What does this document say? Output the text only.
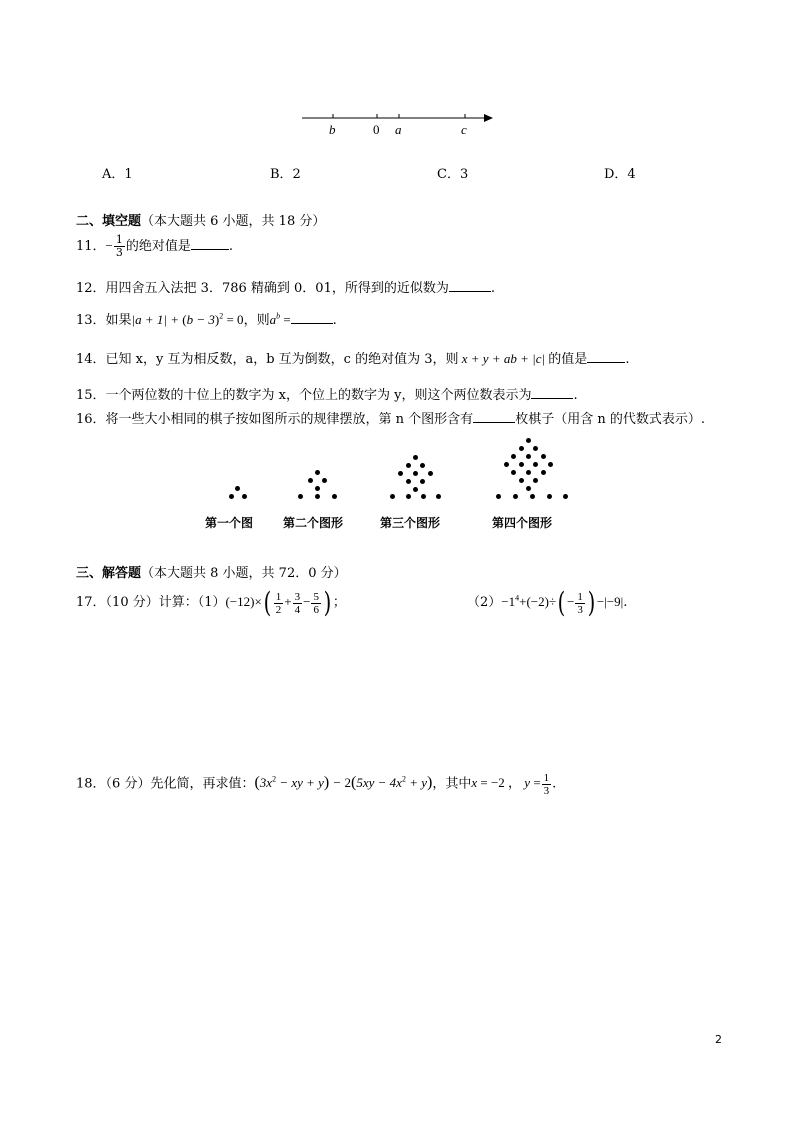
b	0 a	c
A．1	B．2	C．3	D．4
二、填空题（本大题共 6 小题，共 18 分）
11．− $\frac{1}{3}$ 的绝对值是	.
12．用四舍五入法把 3．786 精确到 0．01，所得到的近似数为	.
13．如果$|a + 1| + (b - 3)^2 = 0$，则$a^b$ =	.
14．已知 x，y 互为相反数，a，b 互为倒数，c 的绝对值为 3，则 x + y + ab + |c| 的值是	.
15．一个两位数的十位上的数字为 x，个位上的数字为 y，则这个两位数表示为	.
16．将一些大小相同的棋子按如图所示的规律摆放，第 n 个图形含有	枚棋子（用含 n 的代数式表示）.
第一个图 第二个图形	第三个图形	第四个图形
三、解答题（本大题共 8 小题，共 72．0 分）
17．（10 分）计算：$(1)(-12)\times( \frac{1}{2} + \frac{3}{4} - \frac{5}{6}$ ) ；	$(2)-1^4+(-2)\div( - \frac{1}{3}$ ) −|−9|.
18．（6 分）先化简，再求值：($3x^2$ − xy + $y) - 2(5xy - 4x^2 + y)$，其中x = −2 ， $y = \frac{1}{3}$ .
2
